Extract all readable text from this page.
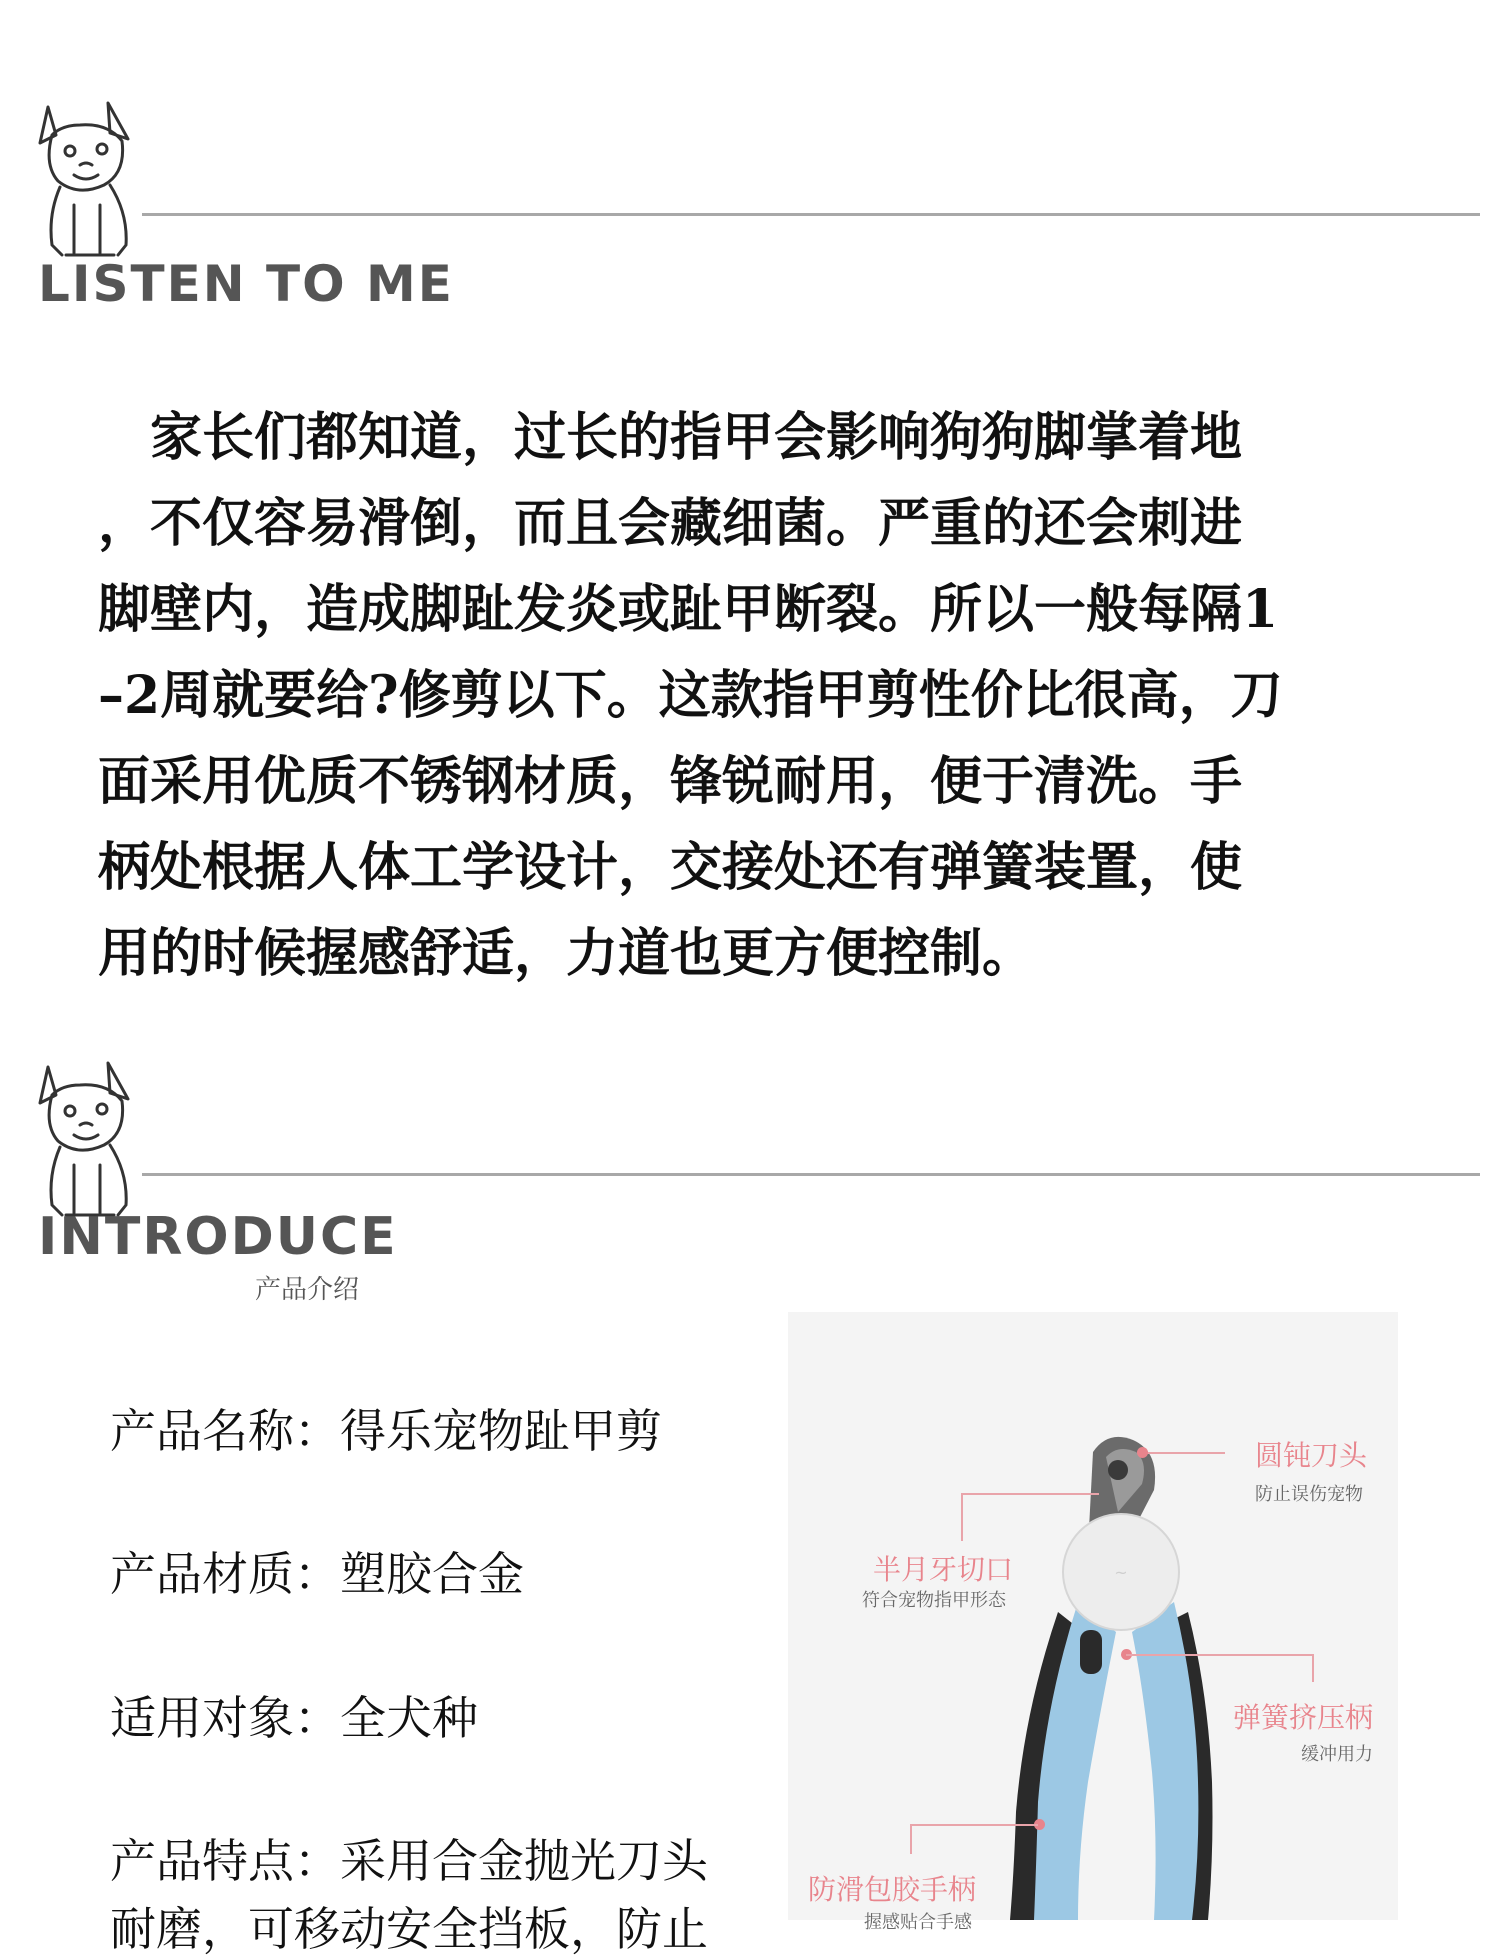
LISTEN TO ME

　家长们都知道，过长的指甲会影响狗狗脚掌着地

，不仅容易滑倒，而且会藏细菌。严重的还会刺进

脚壁内，造成脚趾发炎或趾甲断裂。所以一般每隔1

–2周就要给?修剪以下。这款指甲剪性价比很高，刀

面采用优质不锈钢材质，锋锐耐用，便于清洗。手

柄处根据人体工学设计，交接处还有弹簧装置，使

用的时候握感舒适，力道也更方便控制。

INTRODUCE
产品介绍
产品名称：得乐宠物趾甲剪
产品材质：塑胶合金
适用对象：全犬种
产品特点：采用合金抛光刀头
耐磨，可移动安全挡板，防止
~
圆钝刀头
防止误伤宠物
半月牙切口
符合宠物指甲形态
弹簧挤压柄
缓冲用力
防滑包胶手柄
握感贴合手感
